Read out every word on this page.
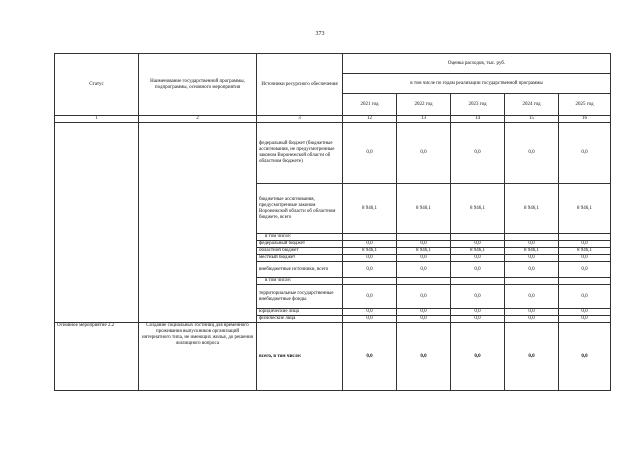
373
Статус	Наименование государственной программы, подпрограммы, основного мероприятия	Источники ресурсного обеспечения	Оценка расходов, тыс. руб.				
			в том числе по годам реализации государственной программы				
			2021 год	2022 год	2023 год	2024 год	2025 год
1	2	3	12	13	14	15	16
		федеральный бюджет (бюджетные ассигнования, не предусмотренные законом Воронежской области об областном бюджете)	0,0	0,0	0,0	0,0	0,0
		бюджетные ассигнования, предусмотренные законом Воронежской области об областном бюджете, всего	8 946,1	8 946,1	8 946,1	8 946,1	8 946,1
		в том числе:					
		федеральный бюджет	0,0	0,0	0,0	0,0	0,0
		областной бюджет	8 946,1	8 946,1	8 946,1	8 946,1	8 946,1
		местный бюджет	0,0	0,0	0,0	0,0	0,0
		внебюджетные источники, всего	0,0	0,0	0,0	0,0	0,0
		в том числе:					
		территориальные государственные внебюджетные фонды	0,0	0,0	0,0	0,0	0,0
		юридические лица	0,0	0,0	0,0	0,0	0,0
		физические лица	0,0	0,0	0,0	0,0	0,0
Основное мероприятие 2.2	Создание социальных гостиниц для временного проживания выпускников организаций интернатного типа, не имеющих жилья, до решения жилищного вопроса	всего, в том числе:	0,0	0,0	0,0	0,0	0,0
